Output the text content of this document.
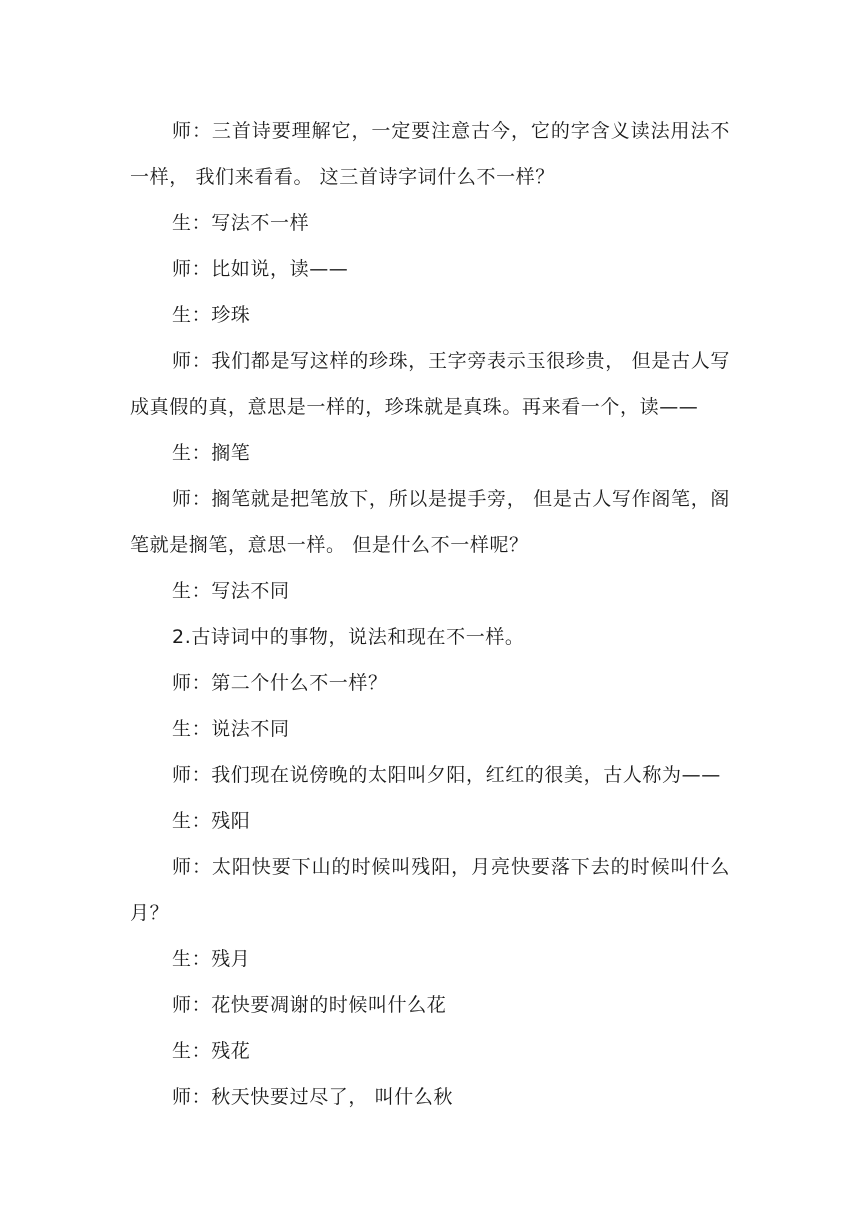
师：三首诗要理解它，一定要注意古今，它的字含义读法用法不一样， 我们来看看。 这三首诗字词什么不一样？

生：写法不一样

师：比如说，读——

生：珍珠

师：我们都是写这样的珍珠，王字旁表示玉很珍贵， 但是古人写成真假的真，意思是一样的，珍珠就是真珠。再来看一个，读——

生：搁笔

师：搁笔就是把笔放下，所以是提手旁， 但是古人写作阁笔，阁笔就是搁笔，意思一样。 但是什么不一样呢？

生：写法不同

2.古诗词中的事物，说法和现在不一样。

师：第二个什么不一样？

生：说法不同

师：我们现在说傍晚的太阳叫夕阳，红红的很美，古人称为——

生：残阳

师：太阳快要下山的时候叫残阳，月亮快要落下去的时候叫什么月？

生：残月

师：花快要凋谢的时候叫什么花

生：残花

师：秋天快要过尽了， 叫什么秋
